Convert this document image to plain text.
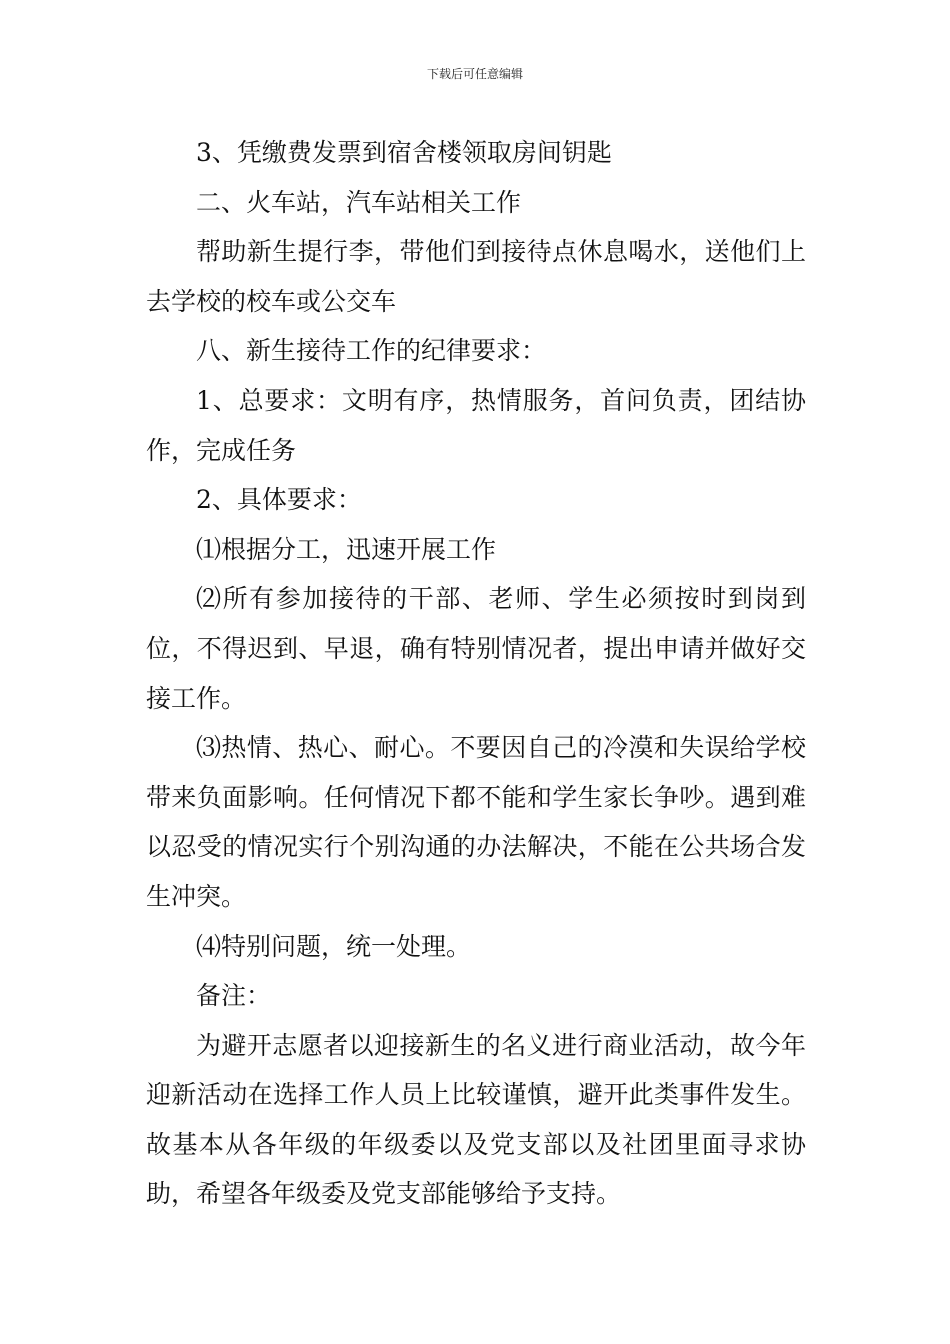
下载后可任意编辑

3、凭缴费发票到宿舍楼领取房间钥匙

二、火车站，汽车站相关工作

帮助新生提行李，带他们到接待点休息喝水，送他们上去学校的校车或公交车

八、新生接待工作的纪律要求：

1、总要求：文明有序，热情服务，首问负责，团结协作，完成任务

2、具体要求：

⑴根据分工，迅速开展工作

⑵所有参加接待的干部、老师、学生必须按时到岗到位，不得迟到、早退，确有特别情况者，提出申请并做好交接工作。

⑶热情、热心、耐心。不要因自己的冷漠和失误给学校带来负面影响。任何情况下都不能和学生家长争吵。遇到难以忍受的情况实行个别沟通的办法解决，不能在公共场合发生冲突。

⑷特别问题，统一处理。

备注：

为避开志愿者以迎接新生的名义进行商业活动，故今年迎新活动在选择工作人员上比较谨慎，避开此类事件发生。故基本从各年级的年级委以及党支部以及社团里面寻求协助，希望各年级委及党支部能够给予支持。
